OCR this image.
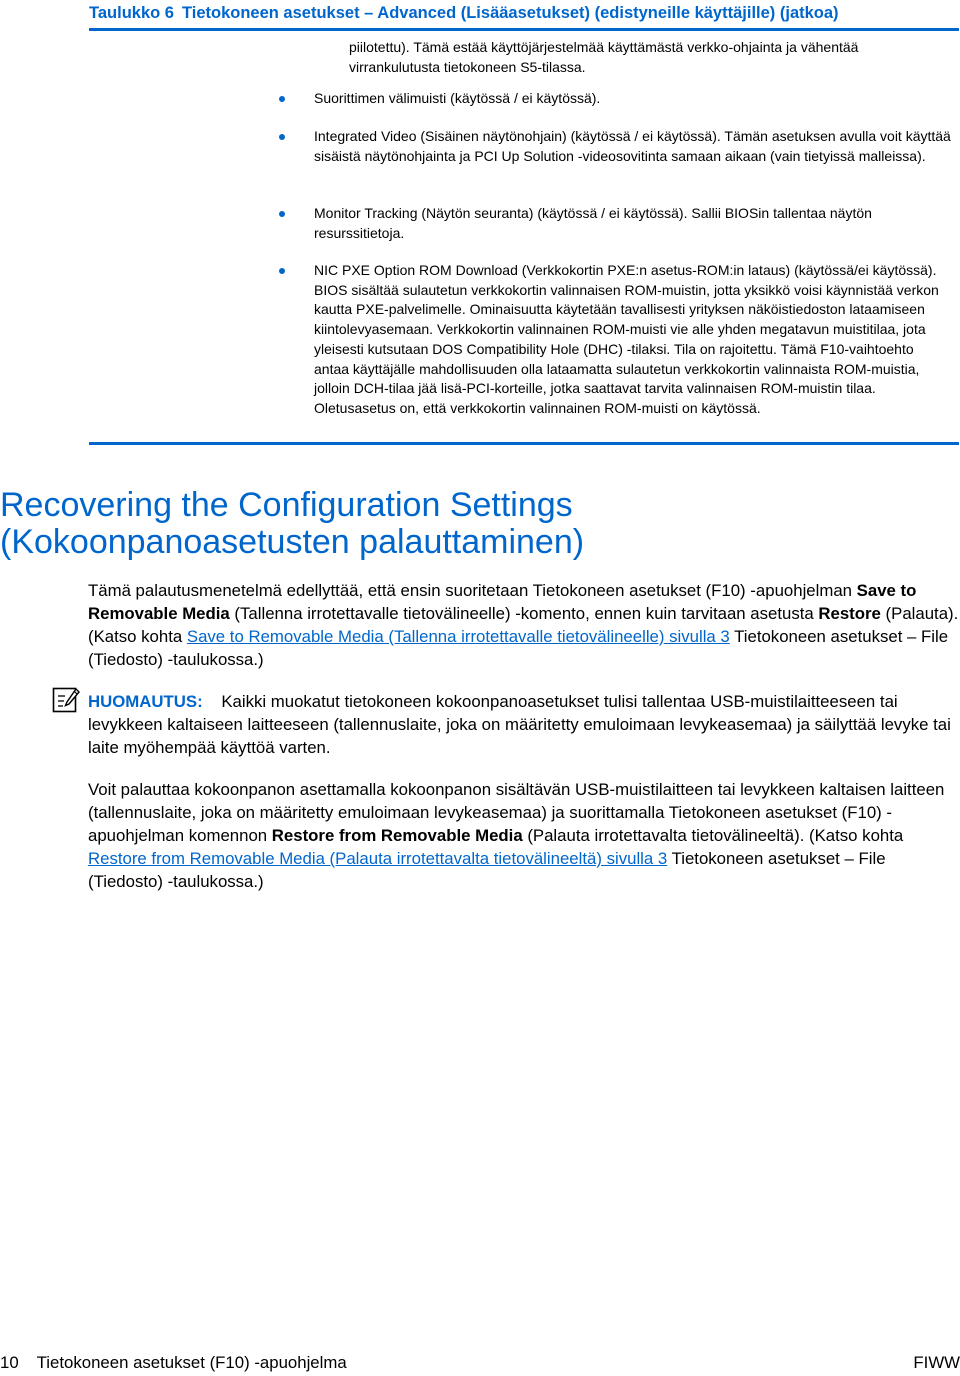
Taulukko 6 Tietokoneen asetukset – Advanced (Lisääasetukset) (edistyneille käyttäjille) (jatkoa)
piilotettu). Tämä estää käyttöjärjestelmää käyttämästä verkko-ohjainta ja vähentää virrankulutusta tietokoneen S5-tilassa.
Suorittimen välimuisti (käytössä / ei käytössä).
Integrated Video (Sisäinen näytönohjain) (käytössä / ei käytössä). Tämän asetuksen avulla voit käyttää sisäistä näytönohjainta ja PCI Up Solution -videosovitinta samaan aikaan (vain tietyissä malleissa).
Monitor Tracking (Näytön seuranta) (käytössä / ei käytössä). Sallii BIOSin tallentaa näytön resurssitietoja.
NIC PXE Option ROM Download (Verkkokortin PXE:n asetus-ROM:in lataus) (käytössä/ei käytössä). BIOS sisältää sulautetun verkkokortin valinnaisen ROM-muistin, jotta yksikkö voisi käynnistää verkon kautta PXE-palvelimelle. Ominaisuutta käytetään tavallisesti yrityksen näköistiedoston lataamiseen kiintolevyasemaan. Verkkokortin valinnainen ROM-muisti vie alle yhden megatavun muistitilaa, jota yleisesti kutsutaan DOS Compatibility Hole (DHC) -tilaksi. Tila on rajoitettu. Tämä F10-vaihtoehto antaa käyttäjälle mahdollisuuden olla lataamatta sulautetun verkkokortin valinnaista ROM-muistia, jolloin DCH-tilaa jää lisä-PCI-korteille, jotka saattavat tarvita valinnaisen ROM-muistin tilaa. Oletusasetus on, että verkkokortin valinnainen ROM-muisti on käytössä.
Recovering the Configuration Settings
(Kokoonpanoasetusten palauttaminen)
Tämä palautusmenetelmä edellyttää, että ensin suoritetaan Tietokoneen asetukset (F10) -apuohjelman Save to Removable Media (Tallenna irrotettavalle tietovälineelle) -komento, ennen kuin tarvitaan asetusta Restore (Palauta). (Katso kohta Save to Removable Media (Tallenna irrotettavalle tietovälineelle) sivulla 3 Tietokoneen asetukset – File (Tiedosto) -taulukossa.)
HUOMAUTUS: Kaikki muokatut tietokoneen kokoonpanoasetukset tulisi tallentaa USB-muistilaitteeseen tai levykkeen kaltaiseen laitteeseen (tallennuslaite, joka on määritetty emuloimaan levykeasemaa) ja säilyttää levyke tai laite myöhempää käyttöä varten.
Voit palauttaa kokoonpanon asettamalla kokoonpanon sisältävän USB-muistilaitteen tai levykkeen kaltaisen laitteen (tallennuslaite, joka on määritetty emuloimaan levykeasemaa) ja suorittamalla Tietokoneen asetukset (F10) -apuohjelman komennon Restore from Removable Media (Palauta irrotettavalta tietovälineeltä). (Katso kohta Restore from Removable Media (Palauta irrotettavalta tietovälineeltä) sivulla 3 Tietokoneen asetukset – File (Tiedosto) -taulukossa.)
10 Tietokoneen asetukset (F10) -apuohjelma	FIWW
